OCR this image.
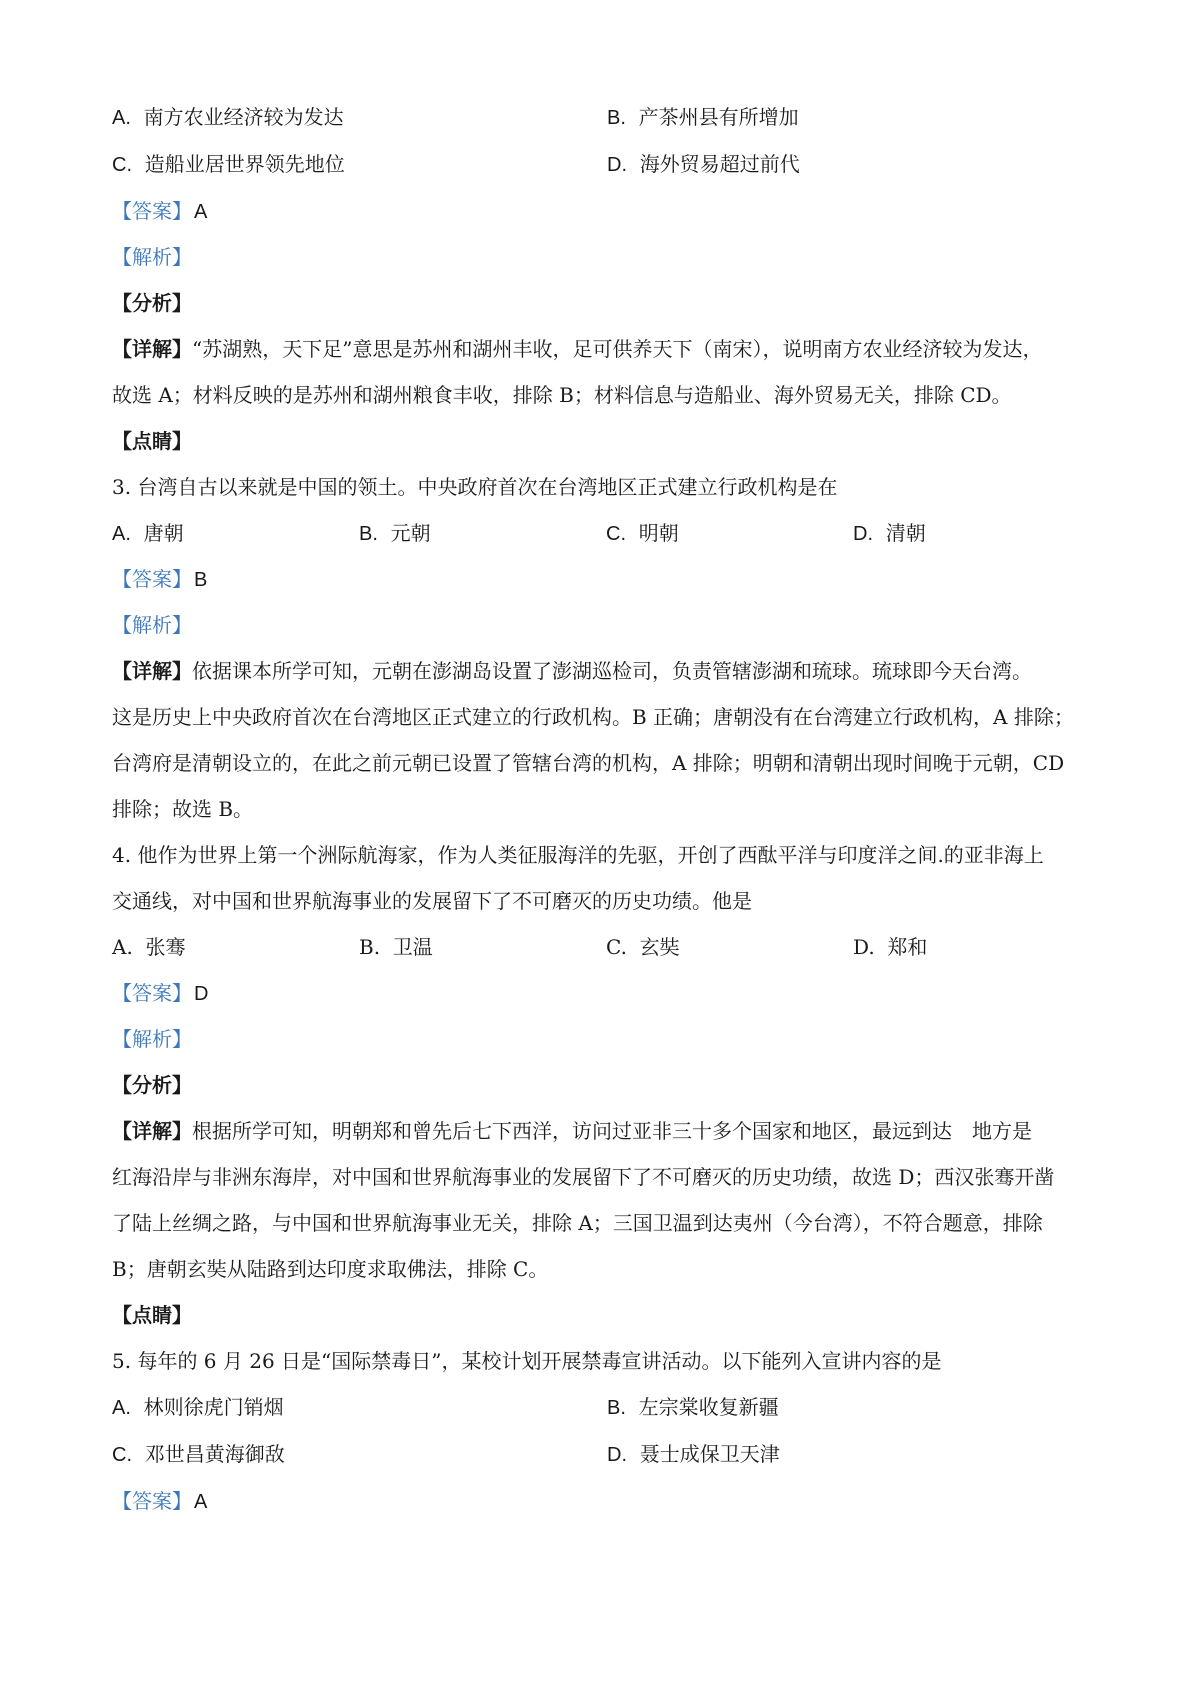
A. 南方农业经济较为发达	B. 产茶州县有所增加
C. 造船业居世界领先地位	D. 海外贸易超过前代
【答案】 A
【解析】
【分析】
【详解】“苏湖熟，天下足”意思是苏州和湖州丰收，足可供养天下（南宋），说明南方农业经济较为发达，
故选 A；材料反映的是苏州和湖州粮食丰收，排除 B；材料信息与造船业、海外贸易无关，排除 CD。
【点睛】
3. 台湾自古以来就是中国的领土。中央政府首次在台湾地区正式建立行政机构是在
A. 唐朝	B. 元朝	C. 明朝	D. 清朝
【答案】 B
【解析】
【详解】依据课本所学可知，元朝在澎湖岛设置了澎湖巡检司，负责管辖澎湖和琉球。琉球即今天台湾。
这是历史上中央政府首次在台湾地区正式建立的行政机构。B 正确；唐朝没有在台湾建立行政机构，A 排除；
台湾府是清朝设立的，在此之前元朝已设置了管辖台湾的机构，A 排除；明朝和清朝出现时间晚于元朝，CD
排除；故选 B。
4. 他作为世界上第一个洲际航海家，作为人类征服海洋的先驱，开创了西酞平洋与印度洋之间.的亚非海上
交通线，对中国和世界航海事业的发展留下了不可磨灭的历史功绩。他是
A. 张骞	B. 卫温	C. 玄奘	D. 郑和
【答案】 D
【解析】
【分析】
【详解】根据所学可知，明朝郑和曾先后七下西洋，访问过亚非三十多个国家和地区，最远到达　地方是
红海沿岸与非洲东海岸，对中国和世界航海事业的发展留下了不可磨灭的历史功绩，故选 D；西汉张骞开凿
了陆上丝绸之路，与中国和世界航海事业无关，排除 A；三国卫温到达夷州（今台湾），不符合题意，排除
B；唐朝玄奘从陆路到达印度求取佛法，排除 C。
【点睛】
5. 每年的 6 月 26 日是“国际禁毒日”，某校计划开展禁毒宣讲活动。以下能列入宣讲内容的是
A. 林则徐虎门销烟	B. 左宗棠收复新疆
C. 邓世昌黄海御敌	D. 聂士成保卫天津
【答案】 A
